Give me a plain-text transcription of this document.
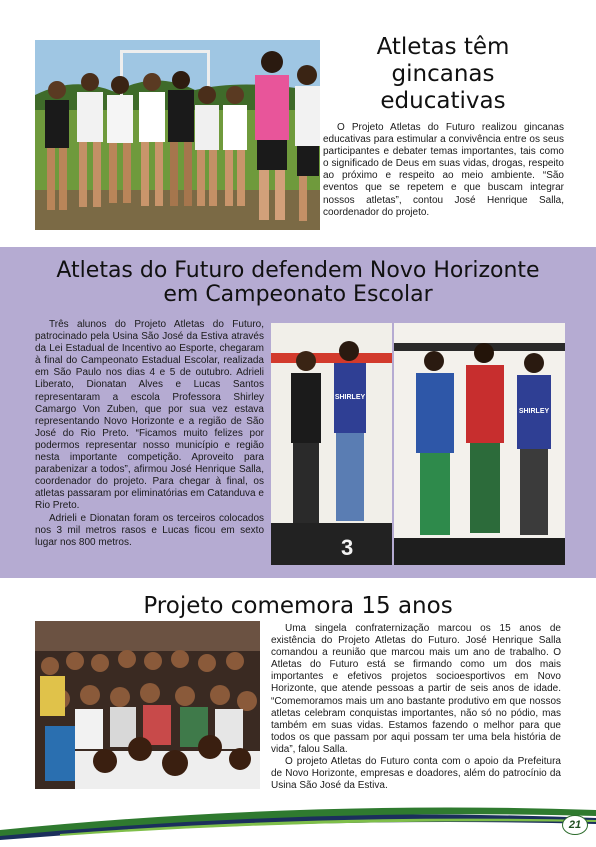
Atletas têm gincanas educativas

O Projeto Atletas do Futuro realizou gincanas educativas para estimular a convivência entre os seus participantes e debater temas importantes, tais como o significado de Deus em suas vidas, drogas, respeito ao próximo e respeito ao meio ambiente. “São eventos que se repetem e que buscam integrar nossos atletas”, contou José Henrique Salla, coordenador do projeto.

Atletas do Futuro defendem Novo Horizonte
em Campeonato Escolar

Três alunos do Projeto Atletas do Futuro, patrocinado pela Usina São José da Estiva através da Lei Estadual de Incentivo ao Esporte, chegaram à final do Campeonato Estadual Escolar, realizada em São Paulo nos dias 4 e 5 de outubro. Adrieli Liberato, Dionatan Alves e Lucas Santos representaram a escola Professora Shirley Camargo Von Zuben, que por sua vez estava representando Novo Horizonte e a região de São José do Rio Preto. “Ficamos muito felizes por podermos representar nosso município e região nesta importante competição. Aproveito para parabenizar a todos”, afirmou José Henrique Salla, coordenador do projeto. Para chegar à final, os atletas passaram por eliminatórias em Catanduva e Rio Preto.

Adrieli e Dionatan foram os terceiros colocados nos 3 mil metros rasos e Lucas ficou em sexto lugar nos 800 metros.	3
SHIRLEY
SHIRLEY
Projeto comemora 15 anos

Uma singela confraternização marcou os 15 anos de existência do Projeto Atletas do Futuro. José Henrique Salla comandou a reunião que marcou mais um ano de trabalho. O Atletas do Futuro está se firmando como um dos mais importantes e efetivos projetos socioesportivos em Novo Horizonte, que atende pessoas a partir de seis anos de idade. “Comemoramos mais um ano bastante produtivo em que nossos atletas celebram conquistas importantes, não só no pódio, mas também em suas vidas. Estamos fazendo o melhor para que todos os que passam por aqui possam ter uma bela história de vida”, falou Salla.

O projeto Atletas do Futuro conta com o apoio da Prefeitura de Novo Horizonte, empresas e doadores, além do patrocínio da Usina São José da Estiva.

21
